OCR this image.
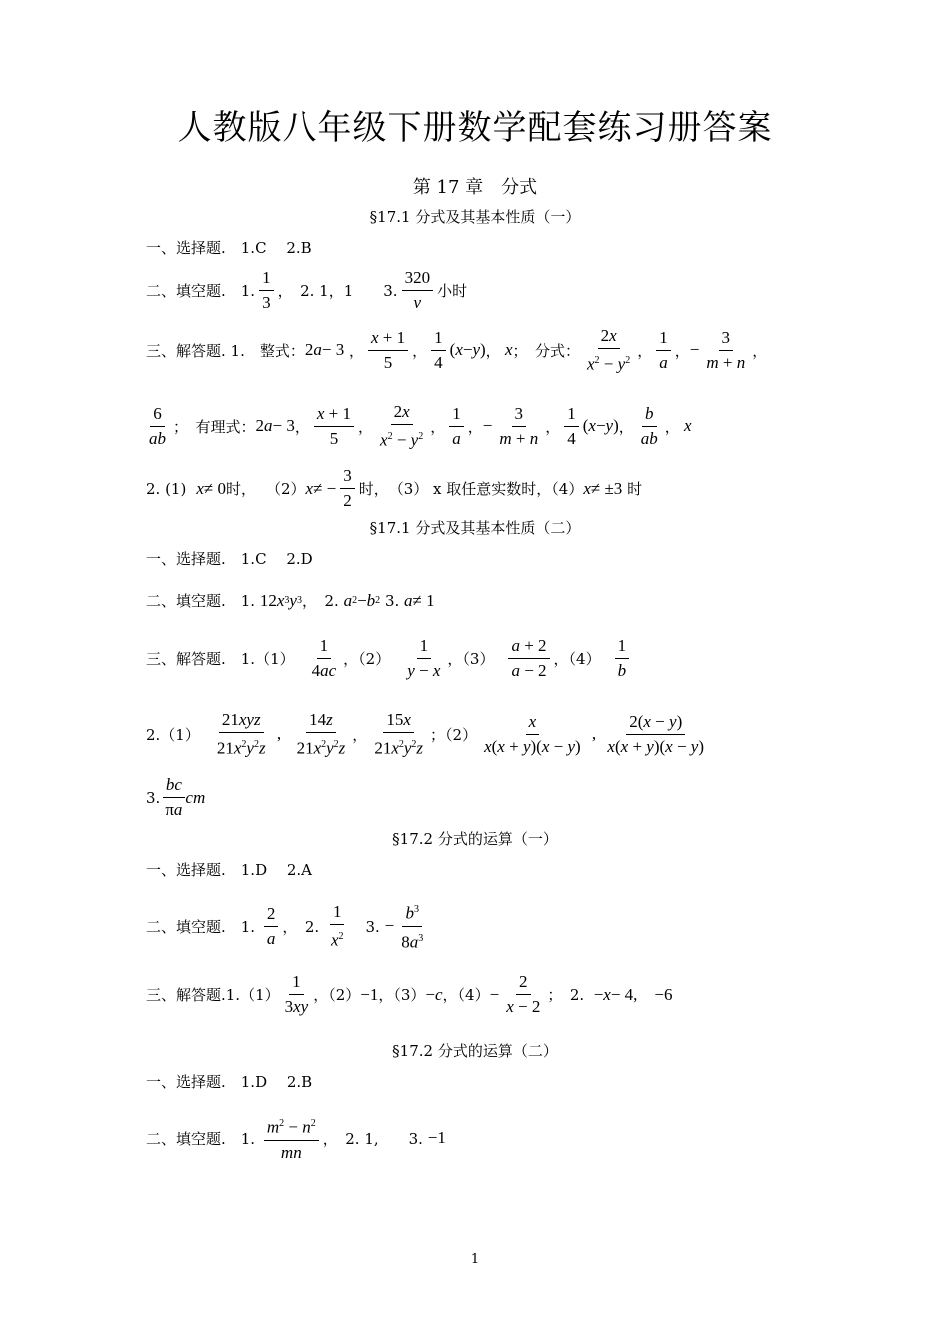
人教版八年级下册数学配套练习册答案
第 17 章　分式
§17.1 分式及其基本性质（一）
一、选择题.　1.C　 2.B
二、填空题.　1. $\frac{1}{3}$ ，　2. 1，1　　3. $\frac{320}{v}$ 小时
三、解答题. 1.　整式： 2 a − 3 ， $\frac{x + 1}{5}$ ， $\frac{1}{4}$ ( x − y ) ， x ；　分式： $\frac{2x}{x^2 - y^2}$ ， $\frac{1}{a}$ ， − $\frac{3}{m + n}$ ，
$\frac{6}{ab}$ ；　有理式： 2 a − 3 ， $\frac{x + 1}{5}$ ， $\frac{2x}{x^2 - y^2}$ ， $\frac{1}{a}$ ， − $\frac{3}{m + n}$ ， $\frac{1}{4}$ ( x − y ) ， $\frac{b}{ab}$ ， x
2. (1) x ≠ 0 时， （2） x ≠ − $\frac{3}{2}$ 时，　（3） x 取任意实数时，（4） x ≠ ±3
时
§17.1 分式及其基本性质（二）
一、选择题.　1.C　 2.D
二、填空题.　1.
12 x 3 y 3 ，　2.
a 2 − b 2
3.
a ≠ 1
三、解答题.　$1.(1) \frac{1}{4ac}$ ，$(2) \frac{1}{y - x}$ ，$(3) \frac{a + 2}{a - 2}$ ，$(4) \frac{1}{b}$
$2.(1) \frac{\text{21xyz}}{21x^2y^2z}$ , $\frac{14z}{21x^2y^2z}$ ， $\frac{15x}{21x^2y^2z}$ ；$(2) \frac{x}{x(x + y)(x - y)}$ , $\frac{2(x - y)}{x(x + y)(x - y)}$
3. $\frac{bc}{\pi a}$ cm
§17.2 分式的运算（一）
一、选择题.　1.D　 2.A
二、填空题.　1.
$\frac{2}{a}$ ，　2.
$\frac{1}{x^2}$ 　3.
− $\frac{b^3}{8a^3}$
三、解答题$.1.(1) \frac{1}{3xy}$ ，（2） −1 ，（3） − c ，$(4) - \frac{2}{x - 2}$ ；　2.
− x − 4,    −6
§17.2 分式的运算（二）
一、选择题.　1.D　 2.B
二、填空题.　1.
$\frac{m^2 - n^2}{mn}$ ，　2. 1,　　3.
−1
1
